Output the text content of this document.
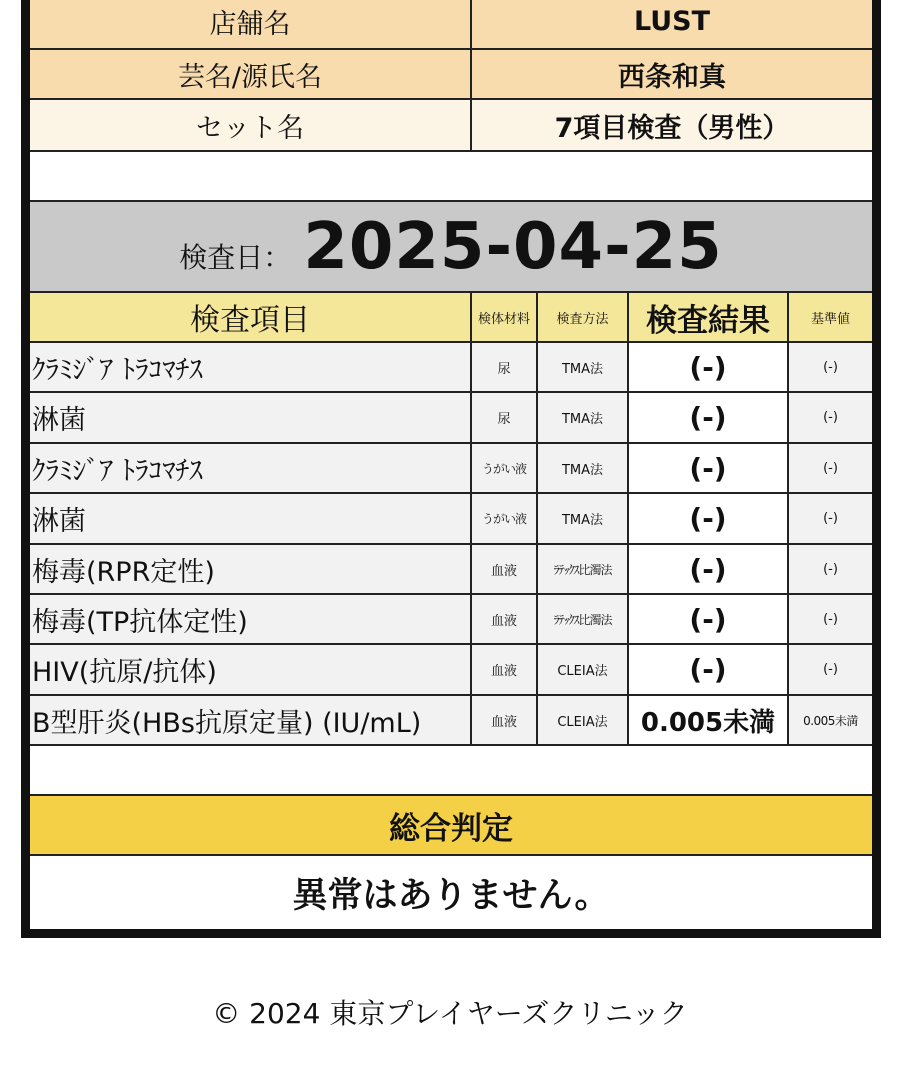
店舗名	LUST
芸名/源氏名	西条和真
セット名	7項目検査（男性）
検査日： 2025-04-25
検査項目	検体材料	検査方法	検査結果	基準値
ｸﾗﾐｼﾞｱ ﾄﾗｺﾏﾁｽ	尿	TMA法	(-)	(-)
淋菌	尿	TMA法	(-)	(-)
ｸﾗﾐｼﾞｱ ﾄﾗｺﾏﾁｽ	うがい液	TMA法	(-)	(-)
淋菌	うがい液	TMA法	(-)	(-)
梅毒(RPR定性)	血液	ﾗﾃｯｸｽ比濁法	(-)	(-)
梅毒(TP抗体定性)	血液	ﾗﾃｯｸｽ比濁法	(-)	(-)
HIV(抗原/抗体)	血液	CLEIA法	(-)	(-)
B型肝炎(HBs抗原定量) (IU/mL)	血液	CLEIA法	0.005未満	0.005未満
総合判定
異常はありません。
© 2024 東京プレイヤーズクリニック
